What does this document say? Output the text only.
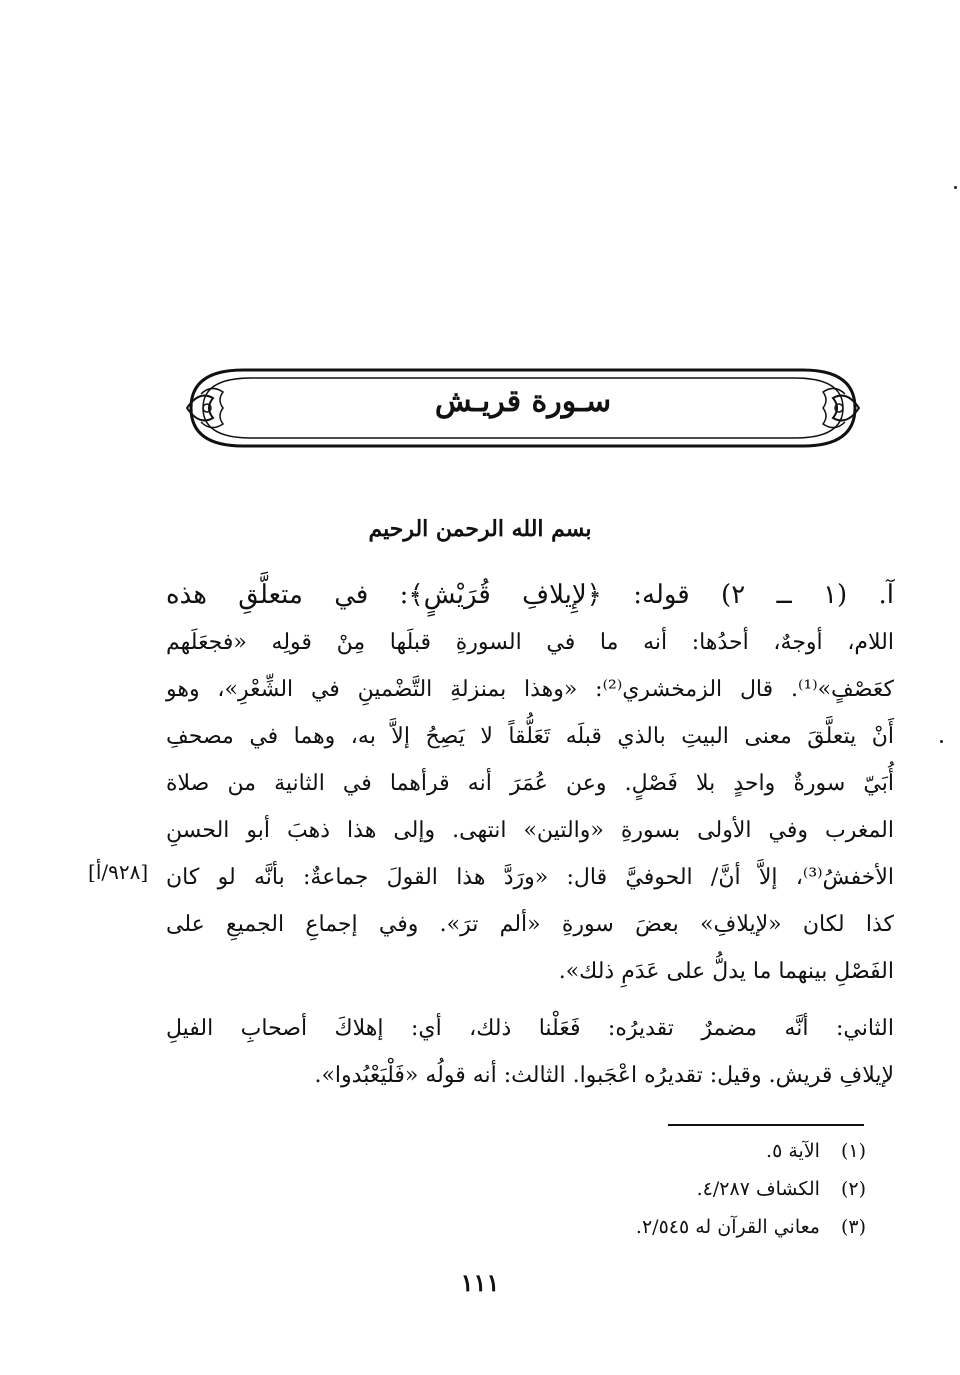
سـورة قريـش
بسم الله الرحمن الرحيم
آ. (١ ــ ٢) قوله: ﴿لإِيلافِ قُرَيْشٍ﴾: في متعلَّقِ هذه
اللام، أوجهٌ، أحدُها: أنه ما في السورةِ قبلَها مِنْ قولِه «فجعَلَهم
كعَصْفٍ»⁽¹⁾. قال الزمخشري⁽²⁾: «وهذا بمنزلةِ التَّضْمينِ في الشِّعْرِ»، وهو
أَنْ يتعلَّقَ معنى البيتِ بالذي قبلَه تَعَلُّقاً لا يَصِحُ إلاَّ به، وهما في مصحفِ
أُبَيّ سورةٌ واحدٍ بلا فَصْلٍ. وعن عُمَرَ أنه قرأهما في الثانية من صلاة
المغرب وفي الأولى بسورةِ «والتين» انتهى. وإلى هذا ذهبَ أبو الحسنِ
الأخفشُ⁽³⁾، إلاَّ أنَّ/ الحوفيَّ قال: «ورَدَّ هذا القولَ جماعةٌ: بأنَّه لو كان
كذا لكان «لإيلافِ» بعضَ سورةِ «ألم ترَ». وفي إجماعِ الجميعِ على
الفَصْلِ بينهما ما يدلُّ على عَدَمِ ذلك».
الثاني: أنَّه مضمرٌ تقديرُه: فَعَلْنا ذلك، أي: إهلاكَ أصحابِ الفيلِ
لإيلافِ قريش. وقيل: تقديرُه اعْجَبوا. الثالث: أنه قولُه «فَلْيَعْبُدوا».
[٩٢٨/أ]
(١) الآية ٥.
(٢) الكشاف ٤/٢٨٧.
(٣) معاني القرآن له ٢/٥٤٥.
١١١
